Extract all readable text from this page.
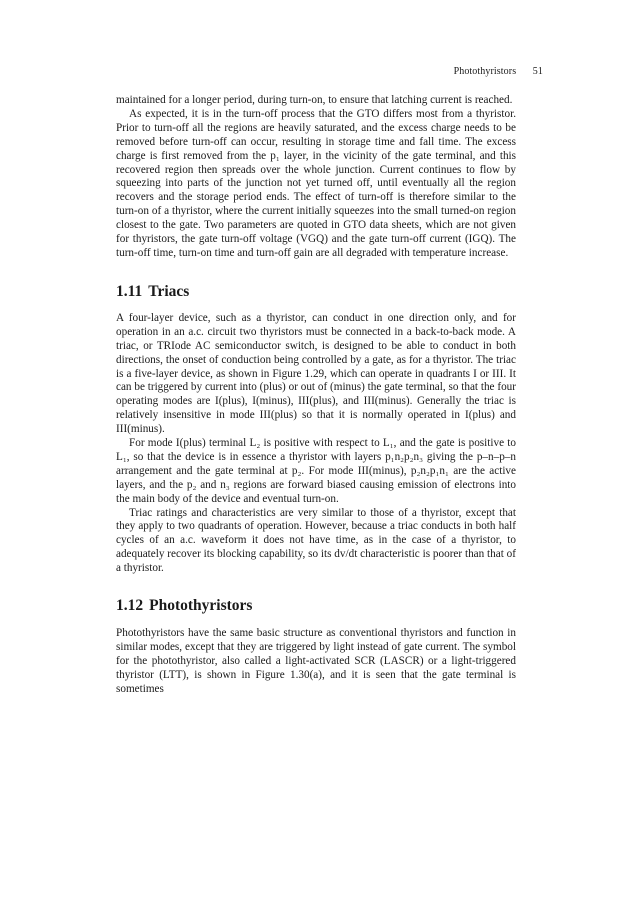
Photothyristors 51

maintained for a longer period, during turn-on, to ensure that latching current is reached.

As expected, it is in the turn-off process that the GTO differs most from a thyristor. Prior to turn-off all the regions are heavily saturated, and the excess charge needs to be removed before turn-off can occur, resulting in storage time and fall time. The excess charge is first removed from the p₁ layer, in the vicinity of the gate terminal, and this recovered region then spreads over the whole junction. Current continues to flow by squeezing into parts of the junction not yet turned off, until eventually all the region recovers and the storage period ends. The effect of turn-off is therefore similar to the turn-on of a thyristor, where the current initially squeezes into the small turned-on region closest to the gate. Two parameters are quoted in GTO data sheets, which are not given for thyristors, the gate turn-off voltage (VGQ) and the gate turn-off current (IGQ). The turn-off time, turn-on time and turn-off gain are all degraded with temperature increase.

1.11 Triacs

A four-layer device, such as a thyristor, can conduct in one direction only, and for operation in an a.c. circuit two thyristors must be connected in a back-to-back mode. A triac, or TRIode AC semiconductor switch, is designed to be able to conduct in both directions, the onset of conduction being controlled by a gate, as for a thyristor. The triac is a five-layer device, as shown in Figure 1.29, which can operate in quadrants I or III. It can be triggered by current into (plus) or out of (minus) the gate terminal, so that the four operating modes are I(plus), I(minus), III(plus), and III(minus). Generally the triac is relatively insensitive in mode III(plus) so that it is normally operated in I(plus) and III(minus).

For mode I(plus) terminal L₂ is positive with respect to L₁, and the gate is positive to L₁, so that the device is in essence a thyristor with layers p₁n₂p₂n₃ giving the p–n–p–n arrangement and the gate terminal at p₂. For mode III(minus), p₂n₂p₁n₁ are the active layers, and the p₂ and n₃ regions are forward biased causing emission of electrons into the main body of the device and eventual turn-on.

Triac ratings and characteristics are very similar to those of a thyristor, except that they apply to two quadrants of operation. However, because a triac conducts in both half cycles of an a.c. waveform it does not have time, as in the case of a thyristor, to adequately recover its blocking capability, so its dv/dt characteristic is poorer than that of a thyristor.

1.12 Photothyristors

Photothyristors have the same basic structure as conventional thyristors and function in similar modes, except that they are triggered by light instead of gate current. The symbol for the photothyristor, also called a light-activated SCR (LASCR) or a light-triggered thyristor (LTT), is shown in Figure 1.30(a), and it is seen that the gate terminal is sometimes
